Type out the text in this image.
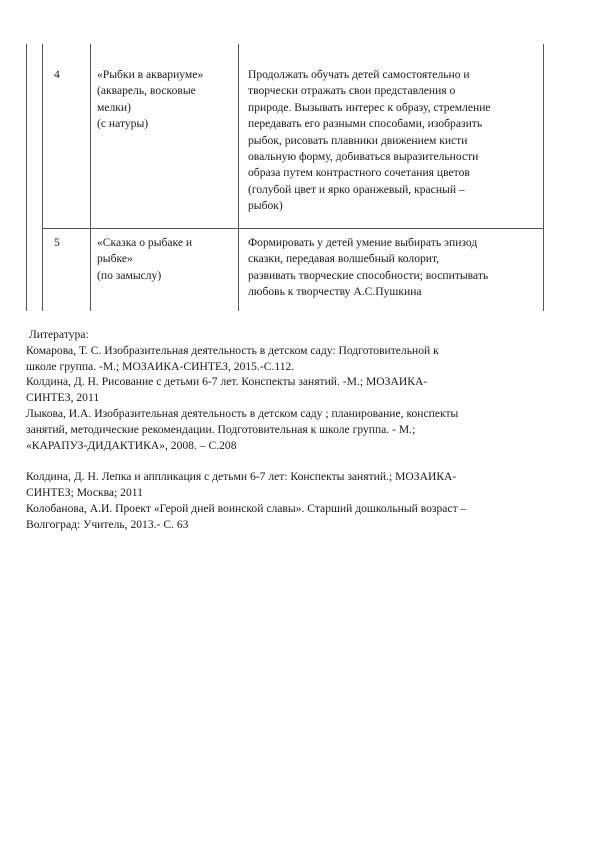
4	«Рыбки в аквариуме»
(акварель, восковые
мелки)
(с натуры)
Продолжать обучать детей самостоятельно и
творчески отражать свои представления о
природе. Вызывать интерес к образу, стремление
передавать его разными способами, изобразить
рыбок, рисовать плавники движением кисти
овальную форму, добиваться выразительности
образа путем контрастного сочетания цветов
(голубой цвет и ярко оранжевый, красный –
рыбок)
5	«Сказка о рыбаке и
рыбке»
(по замыслу)
Формировать у детей умение выбирать эпизод
сказки, передавая волшебный колорит,
развивать творческие способности; воспитывать
любовь к творчеству А.С.Пушкина

Литература:

Комарова, Т. С. Изобразительная деятельность в детском саду: Подготовительной к

школе группа. -М.; МОЗАИКА-СИНТЕЗ, 2015.-С.112.

Колдина, Д. Н. Рисование с детьми 6-7 лет. Конспекты занятий. -М.; МОЗАИКА-

СИНТЕЗ, 2011

Лыкова, И.А. Изобразительная деятельность в детском саду ; планирование, конспекты

занятий, методические рекомендации. Подготовительная к школе группа. - М.;

«КАРАПУЗ-ДИДАКТИКА», 2008. – С.208

Колдина, Д. Н. Лепка и аппликация с детьми 6-7 лет: Конспекты занятий.; МОЗАИКА-

СИНТЕЗ; Москва; 2011

Колобанова, А.И. Проект «Герой дней воинской славы». Старший дошкольный возраст –

Волгоград: Учитель, 2013.- С. 63
